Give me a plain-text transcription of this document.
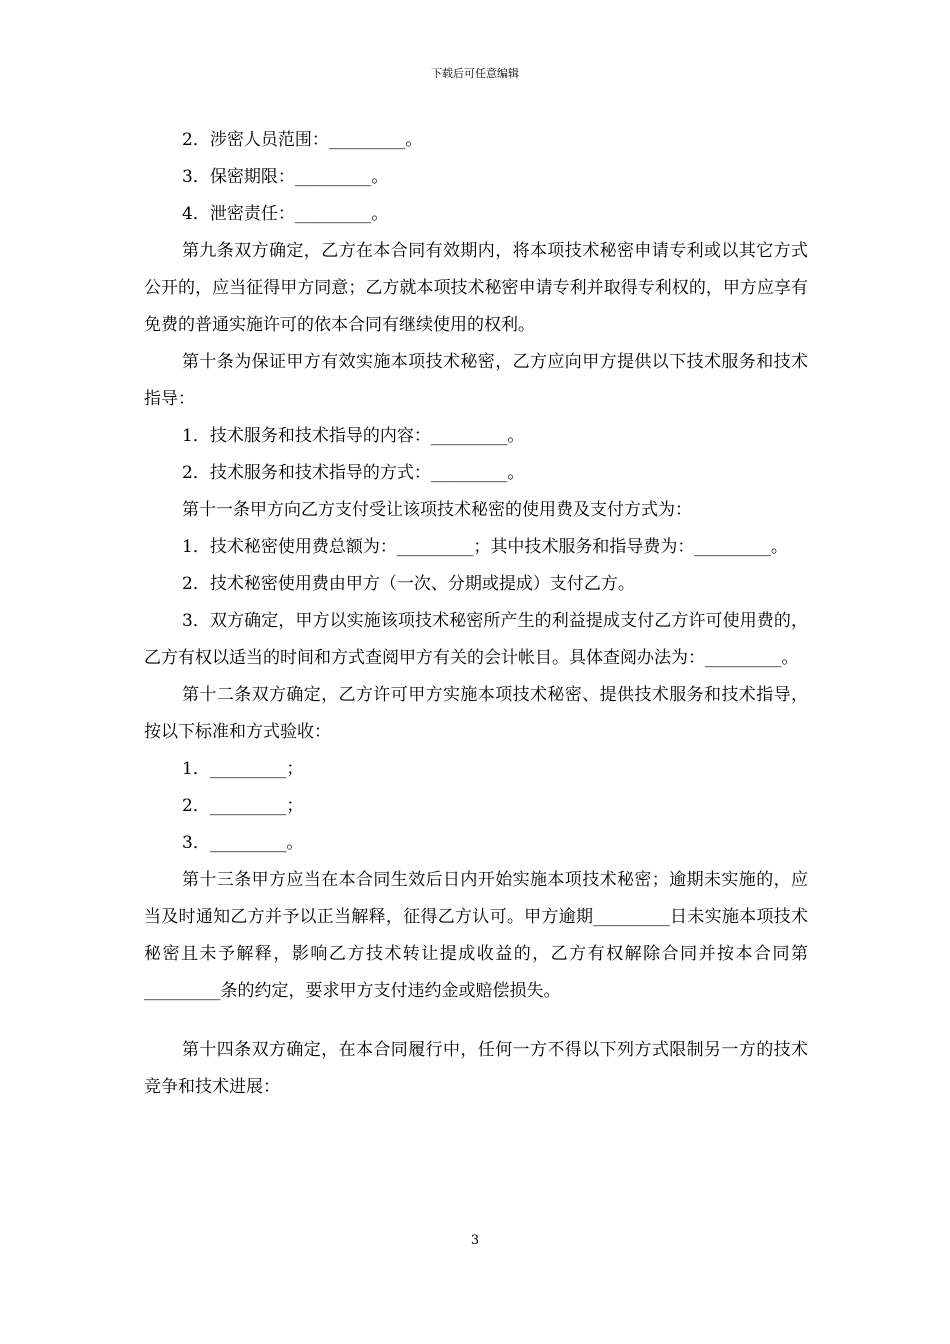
下载后可任意编辑

2．涉密人员范围：_________。

3．保密期限：_________。

4．泄密责任：_________。

第九条双方确定，乙方在本合同有效期内，将本项技术秘密申请专利或以其它方式公开的，应当征得甲方同意；乙方就本项技术秘密申请专利并取得专利权的，甲方应享有免费的普通实施许可的依本合同有继续使用的权利。

第十条为保证甲方有效实施本项技术秘密，乙方应向甲方提供以下技术服务和技术指导：

1．技术服务和技术指导的内容：_________。

2．技术服务和技术指导的方式：_________。

第十一条甲方向乙方支付受让该项技术秘密的使用费及支付方式为：

1．技术秘密使用费总额为：_________；其中技术服务和指导费为：_________。

2．技术秘密使用费由甲方（一次、分期或提成）支付乙方。

3．双方确定，甲方以实施该项技术秘密所产生的利益提成支付乙方许可使用费的，乙方有权以适当的时间和方式查阅甲方有关的会计帐目。具体查阅办法为：_________。

第十二条双方确定，乙方许可甲方实施本项技术秘密、提供技术服务和技术指导，按以下标准和方式验收：

1．_________；

2．_________；

3．_________。

第十三条甲方应当在本合同生效后日内开始实施本项技术秘密；逾期未实施的，应当及时通知乙方并予以正当解释，征得乙方认可。甲方逾期_________日未实施本项技术秘密且未予解释，影响乙方技术转让提成收益的，乙方有权解除合同并按本合同第_________条的约定，要求甲方支付违约金或赔偿损失。

第十四条双方确定，在本合同履行中，任何一方不得以下列方式限制另一方的技术竞争和技术进展：

3
